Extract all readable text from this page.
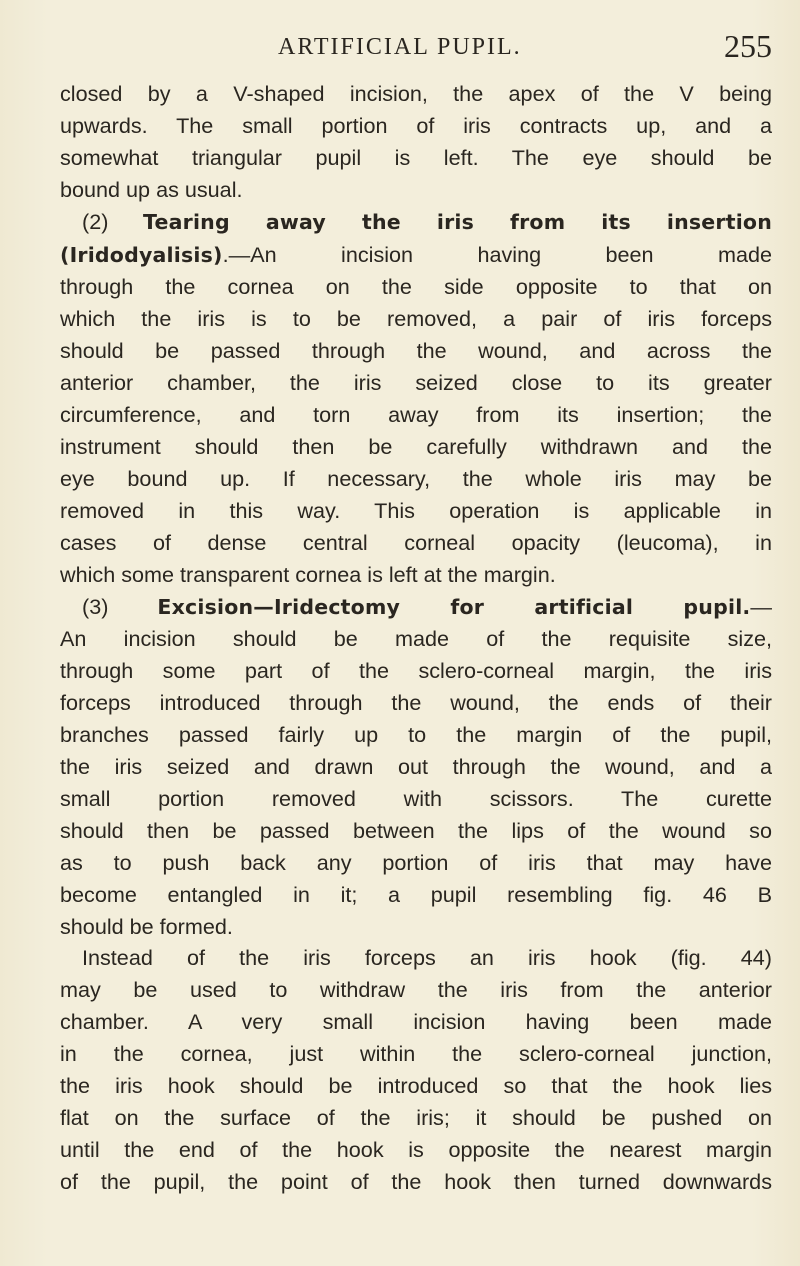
ARTIFICIAL PUPIL.	255
closed by a V-shaped incision, the apex of the V being
upwards. The small portion of iris contracts up, and a
somewhat triangular pupil is left. The eye should be
bound up as usual.
(2) Tearing away the iris from its insertion
(Iridodyalisis).—An incision having been made
through the cornea on the side opposite to that on
which the iris is to be removed, a pair of iris forceps
should be passed through the wound, and across the
anterior chamber, the iris seized close to its greater
circumference, and torn away from its insertion; the
instrument should then be carefully withdrawn and the
eye bound up. If necessary, the whole iris may be
removed in this way. This operation is applicable in
cases of dense central corneal opacity (leucoma), in
which some transparent cornea is left at the margin.
(3) Excision—Iridectomy for artificial pupil.—
An incision should be made of the requisite size,
through some part of the sclero-corneal margin, the iris
forceps introduced through the wound, the ends of their
branches passed fairly up to the margin of the pupil,
the iris seized and drawn out through the wound, and a
small portion removed with scissors. The curette
should then be passed between the lips of the wound so
as to push back any portion of iris that may have
become entangled in it; a pupil resembling fig. 46 B
should be formed.
Instead of the iris forceps an iris hook (fig. 44)
may be used to withdraw the iris from the anterior
chamber. A very small incision having been made
in the cornea, just within the sclero-corneal junction,
the iris hook should be introduced so that the hook lies
flat on the surface of the iris; it should be pushed on
until the end of the hook is opposite the nearest margin
of the pupil, the point of the hook then turned downwards
